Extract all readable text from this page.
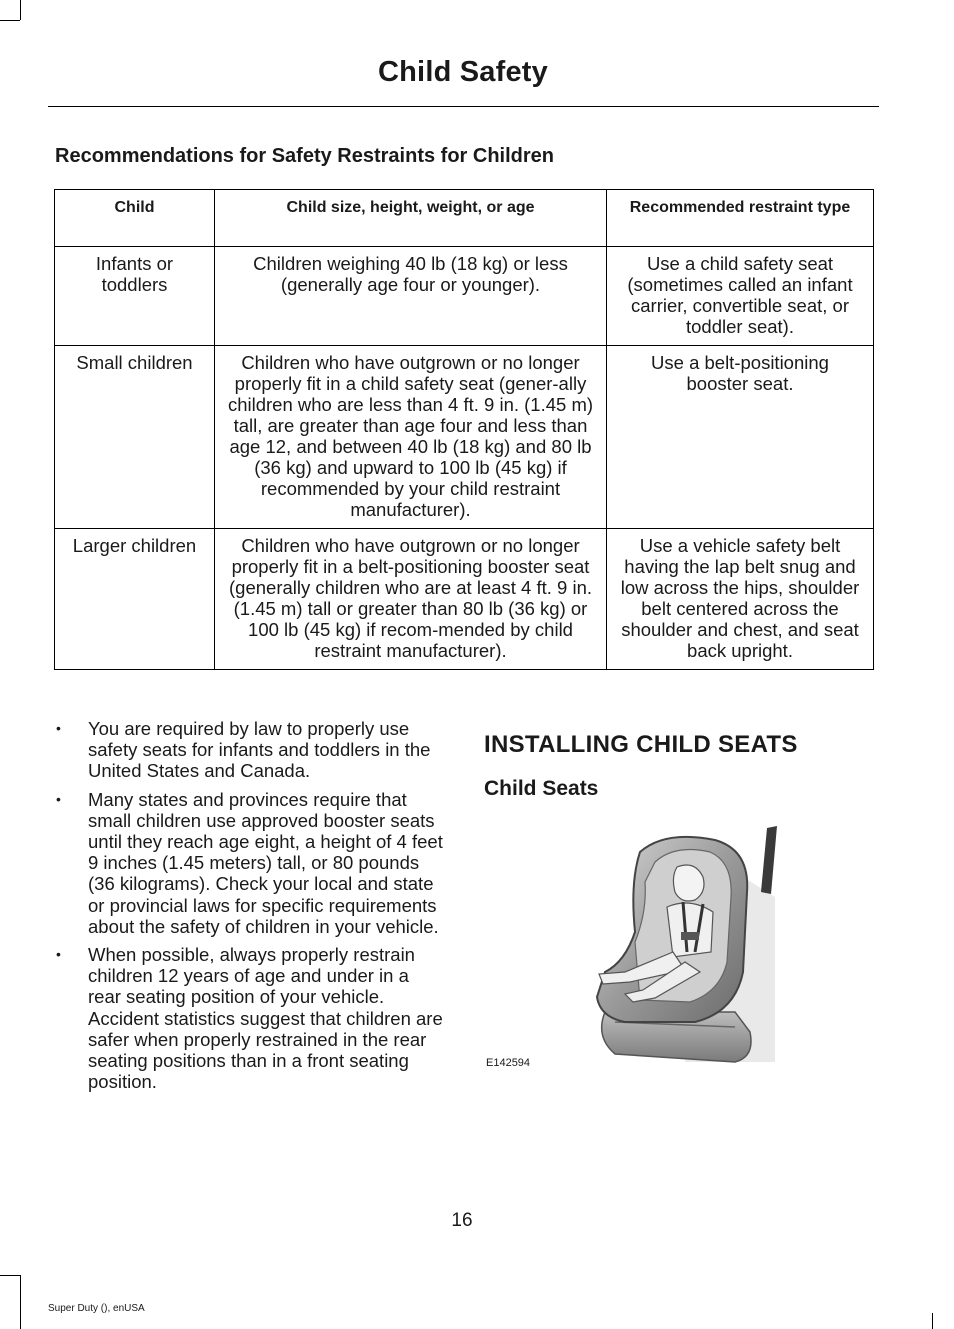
Child Safety
Recommendations for Safety Restraints for Children
Child	Child size, height, weight, or age	Recommended restraint type
Infants or toddlers	Children weighing 40 lb (18 kg) or less (generally age four or younger).	Use a child safety seat (sometimes called an infant carrier, convertible seat, or toddler seat).
Small children	Children who have outgrown or no longer properly fit in a child safety seat (gener-ally children who are less than 4 ft. 9 in. (1.45 m) tall, are greater than age four and less than age 12, and between 40 lb (18 kg) and 80 lb (36 kg) and upward to 100 lb (45 kg) if recommended by your child restraint manufacturer).	Use a belt-positioning booster seat.
Larger children	Children who have outgrown or no longer properly fit in a belt-positioning booster seat (generally children who are at least 4 ft. 9 in. (1.45 m) tall or greater than 80 lb (36 kg) or 100 lb (45 kg) if recom-mended by child restraint manufacturer).	Use a vehicle safety belt having the lap belt snug and low across the hips, shoulder belt centered across the shoulder and chest, and seat back upright.
• You are required by law to properly use safety seats for infants and toddlers in the United States and Canada.
• Many states and provinces require that small children use approved booster seats until they reach age eight, a height of 4 feet 9 inches (1.45 meters) tall, or 80 pounds (36 kilograms). Check your local and state or provincial laws for specific requirements about the safety of children in your vehicle.
• When possible, always properly restrain children 12 years of age and under in a rear seating position of your vehicle. Accident statistics suggest that children are safer when properly restrained in the rear seating positions than in a front seating position.
INSTALLING CHILD SEATS
Child Seats
E142594
16
Super Duty (), enUSA
